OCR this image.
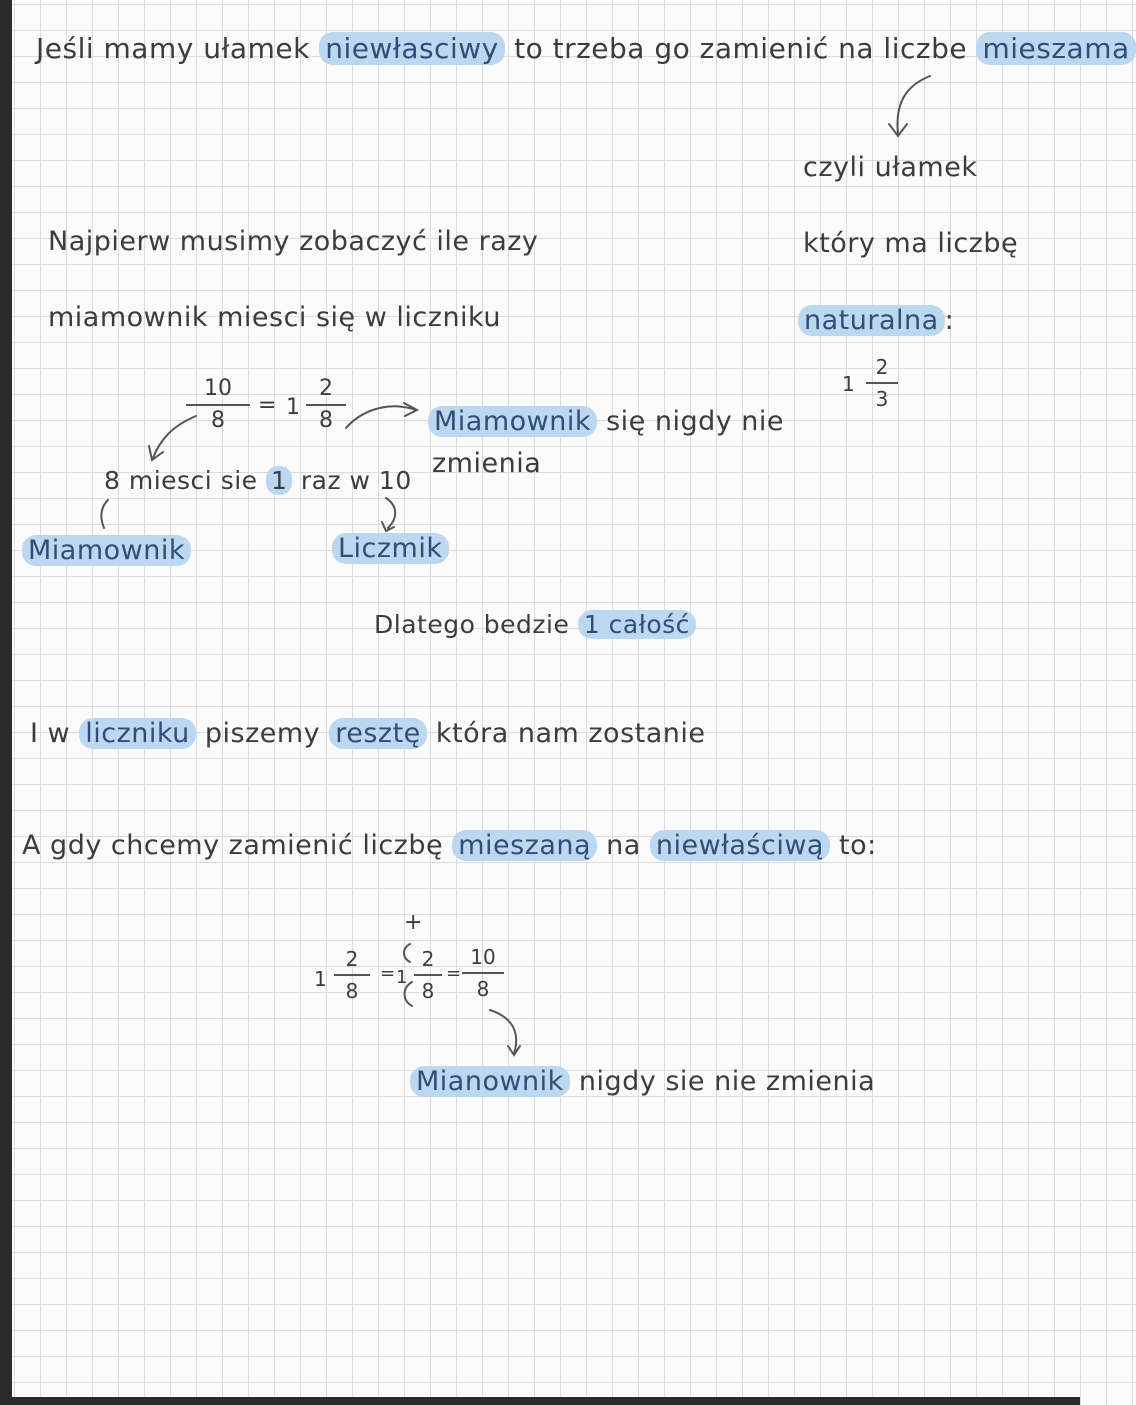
Jeśli mamy ułamek niewłasciwy to trzeba go zamienić na liczbe mieszama
czyli ułamek
który ma liczbę
naturalna :
1
2
3
Najpierw musimy zobaczyć ile razy
miamownik miesci się w liczniku
10
8
= 1
2
8	Miamownik się nigdy nie
zmienia
8 miesci sie 1 raz w 10
Miamownik	Liczmik
Dlatego bedzie 1 całość
I w liczniku piszemy resztę która nam zostanie
A gdy chcemy zamienić liczbę mieszaną na niewłaściwą to:
1
2
8
= 1
+
2
8
=
10
8
Mianownik nigdy sie nie zmienia
